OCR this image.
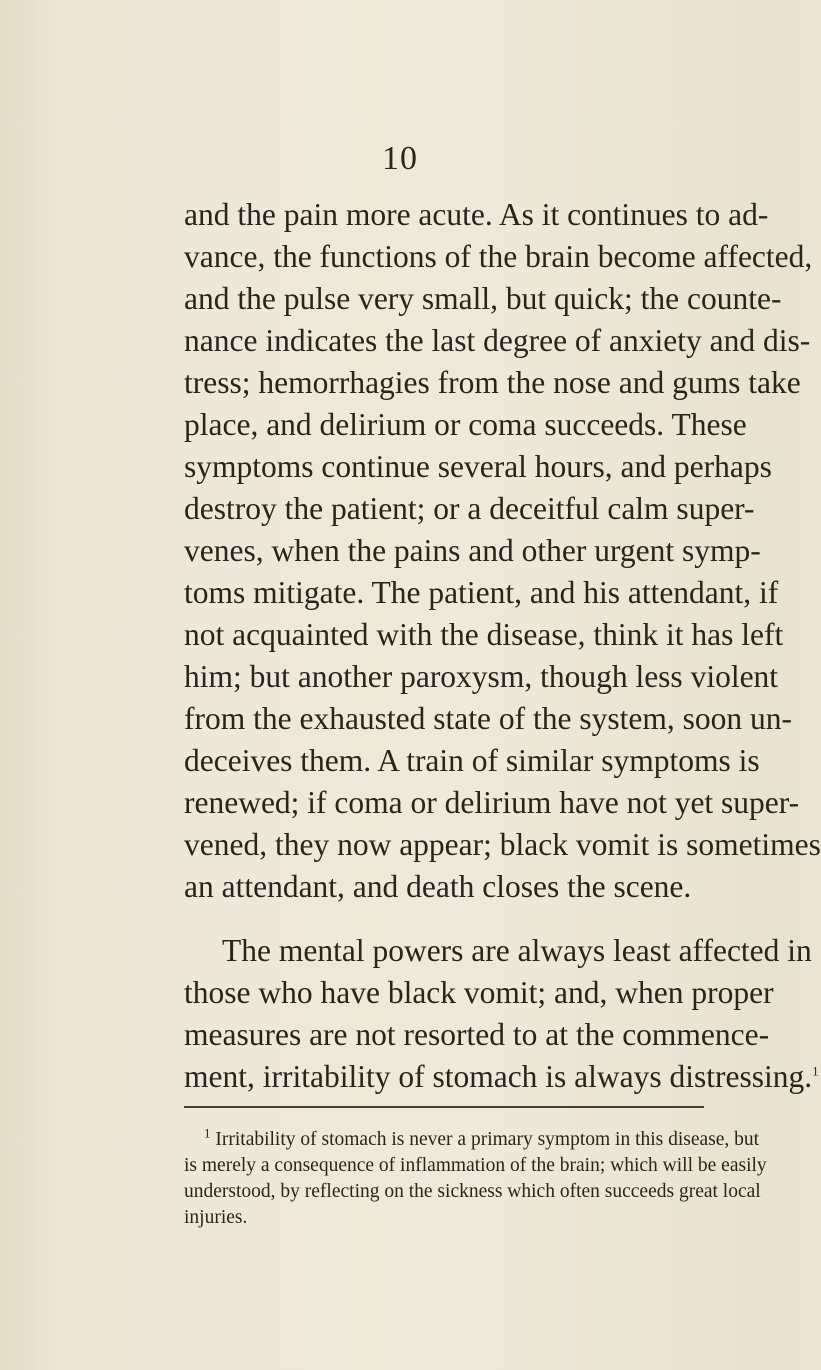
10
and the pain more acute. As it continues to ad-
vance, the functions of the brain become affected,
and the pulse very small, but quick; the counte-
nance indicates the last degree of anxiety and dis-
tress; hemorrhagies from the nose and gums take
place, and delirium or coma succeeds. These
symptoms continue several hours, and perhaps
destroy the patient; or a deceitful calm super-
venes, when the pains and other urgent symp-
toms mitigate. The patient, and his attendant, if
not acquainted with the disease, think it has left
him; but another paroxysm, though less violent
from the exhausted state of the system, soon un-
deceives them. A train of similar symptoms is
renewed; if coma or delirium have not yet super-
vened, they now appear; black vomit is sometimes
an attendant, and death closes the scene.
The mental powers are always least affected in
those who have black vomit; and, when proper
measures are not resorted to at the commence-
ment, irritability of stomach is always distressing.$^1$
$^1$ Irritability of stomach is never a primary symptom in this disease, but
is merely a consequence of inflammation of the brain; which will be easily
understood, by reflecting on the sickness which often succeeds great local
injuries.
